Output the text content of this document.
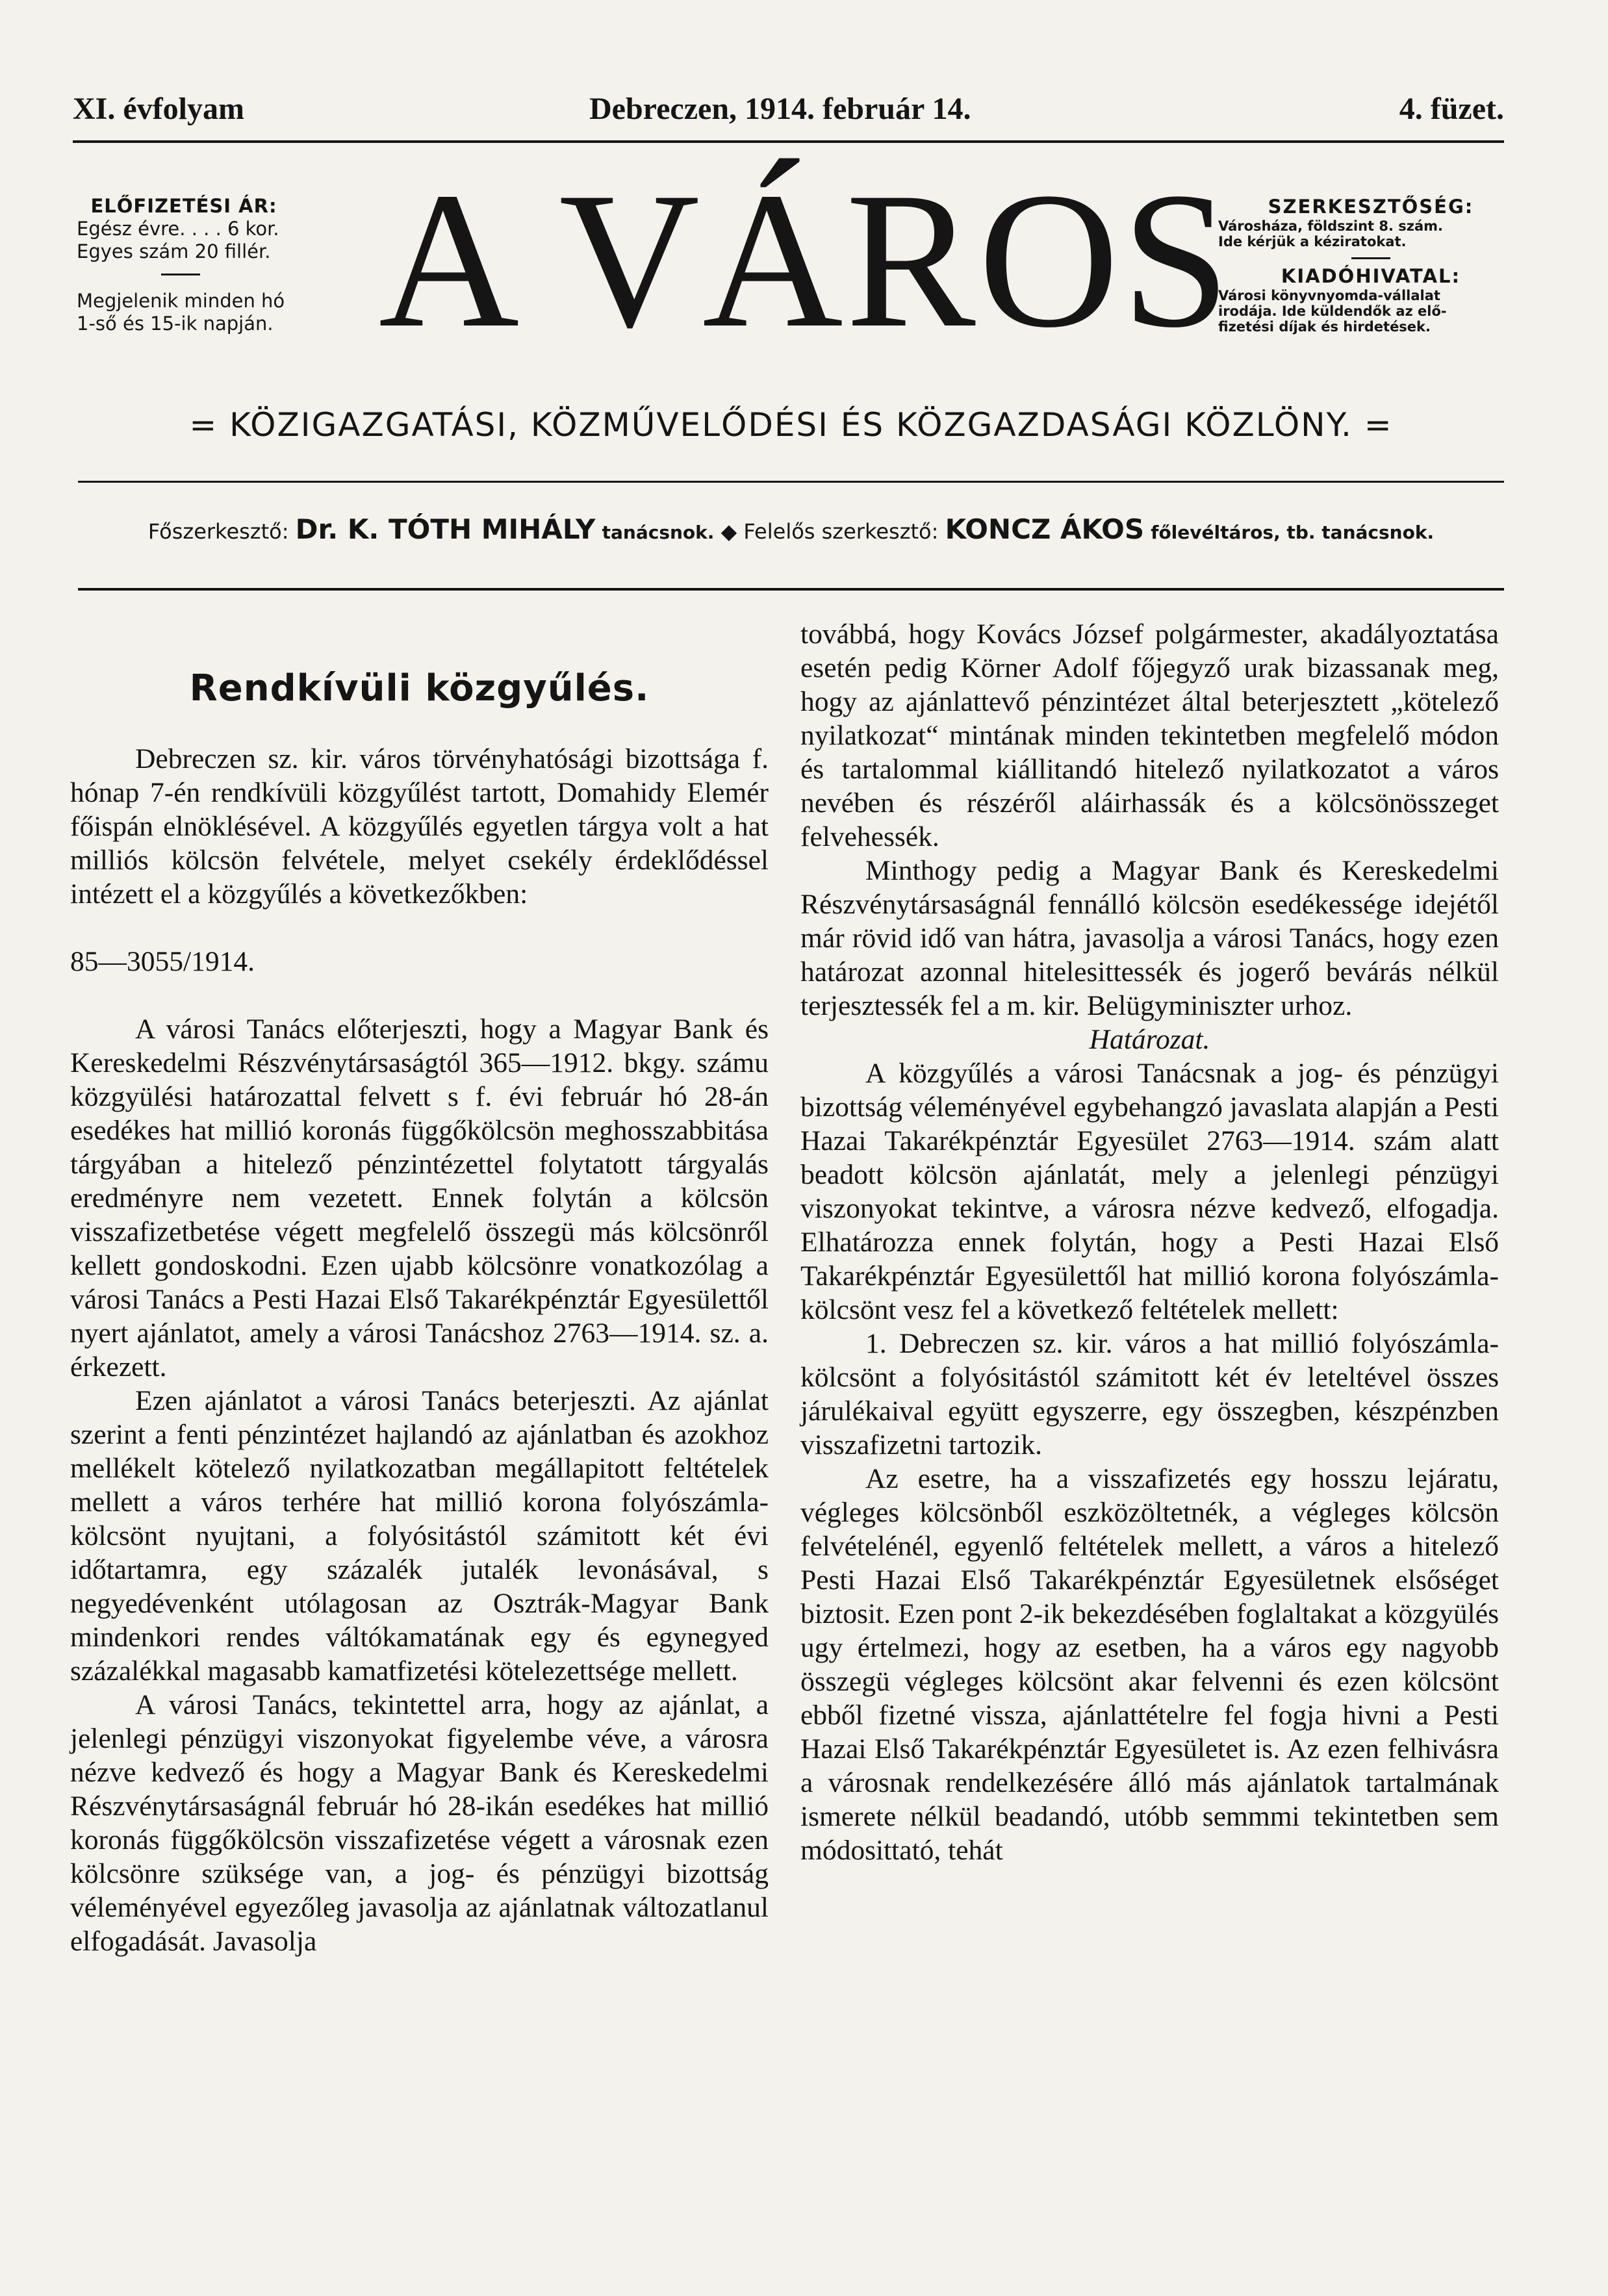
XI. évfolyam	Debreczen, 1914. február 14.	4. füzet.
ELŐFIZETÉSI ÁR:
Egész évre. . . . 6 kor.
Egyes szám 20 fillér.
Megjelenik minden hó
1-ső és 15-ik napján. A VÁROS	SZERKESZTŐSÉG:
Városháza, földszint 8. szám.
Ide kérjük a kéziratokat.
KIADÓHIVATAL:
Városi könyvnyomda-vállalat
irodája. Ide küldendők az elő-
fizetési díjak és hirdetések.
= KÖZIGAZGATÁSI, KÖZMŰVELŐDÉSI ÉS KÖZGAZDASÁGI KÖZLÖNY. =
Főszerkesztő: Dr. K. TÓTH MIHÁLY tanácsnok. ◆ Felelős szerkesztő: KONCZ ÁKOS főlevéltáros, tb. tanácsnok.
Rendkívüli közgyűlés.

Debreczen sz. kir. város törvényhatósági bizottsága f. hónap 7-én rendkívüli közgyűlést tartott, Domahidy Elemér főispán elnöklésével. A közgyűlés egyetlen tárgya volt a hat milliós kölcsön felvétele, melyet csekély érdeklődéssel intézett el a közgyűlés a következőkben:

85—3055/1914.

A városi Tanács előterjeszti, hogy a Magyar Bank és Kereskedelmi Részvénytársaságtól 365—1912. bkgy. számu közgyülési határozattal felvett s f. évi február hó 28-án esedékes hat millió koronás függőkölcsön meghosszabbitása tárgyában a hitelező pénzintézettel folytatott tárgyalás eredményre nem vezetett. Ennek folytán a kölcsön visszafizetbetése végett megfelelő összegü más kölcsönről kellett gondoskodni. Ezen ujabb kölcsönre vonatkozólag a városi Tanács a Pesti Hazai Első Takarékpénztár Egyesülettől nyert ajánlatot, amely a városi Tanácshoz 2763—1914. sz. a. érkezett.

Ezen ajánlatot a városi Tanács beterjeszti. Az ajánlat szerint a fenti pénzintézet hajlandó az ajánlatban és azokhoz mellékelt kötelező nyilatkozatban megállapitott feltételek mellett a város terhére hat millió korona folyószámla-kölcsönt nyujtani, a folyósitástól számitott két évi időtartamra, egy százalék jutalék levonásával, s negyedévenként utólagosan az Osztrák-Magyar Bank mindenkori rendes váltókamatának egy és egynegyed százalékkal magasabb kamatfizetési kötelezettsége mellett.

A városi Tanács, tekintettel arra, hogy az ajánlat, a jelenlegi pénzügyi viszonyokat figyelembe véve, a városra nézve kedvező és hogy a Magyar Bank és Kereskedelmi Részvénytársaságnál február hó 28-ikán esedékes hat millió koronás függőkölcsön visszafizetése végett a városnak ezen kölcsönre szüksége van, a jog- és pénzügyi bizottság véleményével egyezőleg javasolja az ajánlatnak változatlanul elfogadását. Javasolja

továbbá, hogy Kovács József polgármester, akadályoztatása esetén pedig Körner Adolf főjegyző urak bizassanak meg, hogy az ajánlattevő pénzintézet által beterjesztett „kötelező nyilatkozat“ mintának minden tekintetben megfelelő módon és tartalommal kiállitandó hitelező nyilatkozatot a város nevében és részéről aláirhassák és a kölcsönösszeget felvehessék.

Minthogy pedig a Magyar Bank és Kereskedelmi Részvénytársaságnál fennálló kölcsön esedékessége idejétől már rövid idő van hátra, javasolja a városi Tanács, hogy ezen határozat azonnal hitelesittessék és jogerő bevárás nélkül terjesztessék fel a m. kir. Belügyminiszter urhoz.

Határozat.

A közgyűlés a városi Tanácsnak a jog- és pénzügyi bizottság véleményével egybehangzó javaslata alapján a Pesti Hazai Takarékpénztár Egyesület 2763—1914. szám alatt beadott kölcsön ajánlatát, mely a jelenlegi pénzügyi viszonyokat tekintve, a városra nézve kedvező, elfogadja. Elhatározza ennek folytán, hogy a Pesti Hazai Első Takarékpénztár Egyesülettől hat millió korona folyószámla-kölcsönt vesz fel a következő feltételek mellett:

1. Debreczen sz. kir. város a hat millió folyószámla-kölcsönt a folyósitástól számitott két év leteltével összes járulékaival együtt egyszerre, egy összegben, készpénzben visszafizetni tartozik.

Az esetre, ha a visszafizetés egy hosszu lejáratu, végleges kölcsönből eszközöltetnék, a végleges kölcsön felvételénél, egyenlő feltételek mellett, a város a hitelező Pesti Hazai Első Takarékpénztár Egyesületnek elsőséget biztosit. Ezen pont 2-ik bekezdésében foglaltakat a közgyülés ugy értelmezi, hogy az esetben, ha a város egy nagyobb összegü végleges kölcsönt akar felvenni és ezen kölcsönt ebből fizetné vissza, ajánlattételre fel fogja hivni a Pesti Hazai Első Takarékpénztár Egyesületet is. Az ezen felhivásra a városnak rendelkezésére álló más ajánlatok tartalmának ismerete nélkül beadandó, utóbb semmmi tekintetben sem módosittató, tehát
